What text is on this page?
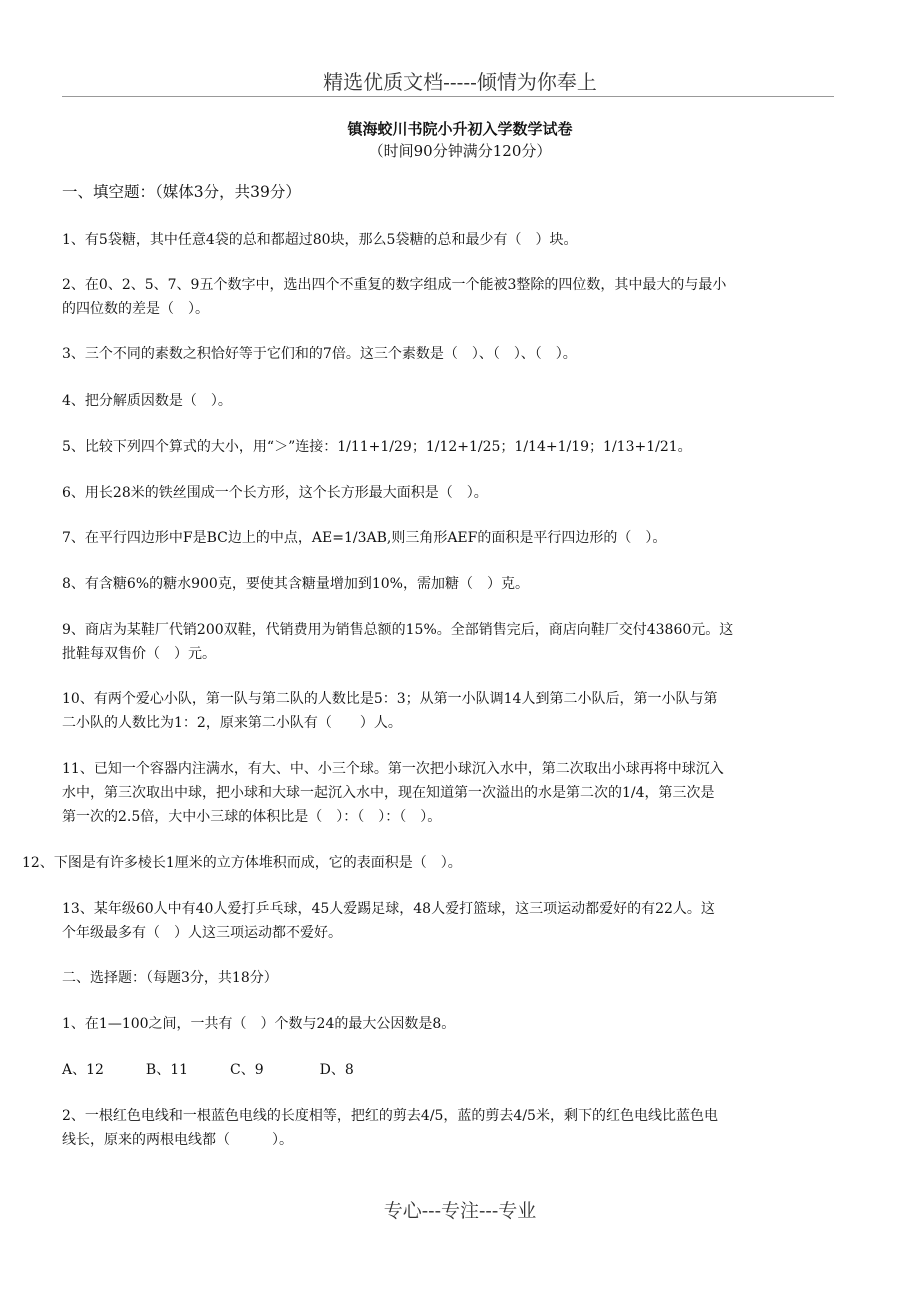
精选优质文档-----倾情为你奉上
镇海蛟川书院小升初入学数学试卷
（时间90分钟满分120分）
一、填空题：（媒体3分，共39分）
1、有5袋糖，其中任意4袋的总和都超过80块，那么5袋糖的总和最少有（　）块。
2、在0、2、5、7、9五个数字中，选出四个不重复的数字组成一个能被3整除的四位数，其中最大的与最小
的四位数的差是（　）。
3、三个不同的素数之积恰好等于它们和的7倍。这三个素数是（　）、（　）、（　）。
4、把分解质因数是（　）。
5、比较下列四个算式的大小，用“＞”连接：1/11+1/29；1/12+1/25；1/14+1/19；1/13+1/21。
6、用长28米的铁丝围成一个长方形，这个长方形最大面积是（　）。
7、在平行四边形中F是BC边上的中点，AE=1/3AB,则三角形AEF的面积是平行四边形的（　）。
8、有含糖6%的糖水900克，要使其含糖量增加到10%，需加糖（　）克。
9、商店为某鞋厂代销200双鞋，代销费用为销售总额的15%。全部销售完后，商店向鞋厂交付43860元。这
批鞋每双售价（　）元。
10、有两个爱心小队，第一队与第二队的人数比是5：3；从第一小队调14人到第二小队后，第一小队与第
二小队的人数比为1：2，原来第二小队有（　　）人。
11、已知一个容器内注满水，有大、中、小三个球。第一次把小球沉入水中，第二次取出小球再将中球沉入
水中，第三次取出中球，把小球和大球一起沉入水中，现在知道第一次溢出的水是第二次的1/4，第三次是
第一次的2.5倍，大中小三球的体积比是（　）：（　）：（　）。
12、下图是有许多棱长1厘米的立方体堆积而成，它的表面积是（　）。
13、某年级60人中有40人爱打乒乓球，45人爱踢足球，48人爱打篮球，这三项运动都爱好的有22人。这
个年级最多有（　）人这三项运动都不爱好。
二、选择题：（每题3分，共18分）
1、在1—100之间，一共有（　）个数与24的最大公因数是8。
A、12　　　B、11　　　C、9　　　　D、8
2、一根红色电线和一根蓝色电线的长度相等，把红的剪去4/5，蓝的剪去4/5米，剩下的红色电线比蓝色电
线长，原来的两根电线都（　　　）。
专心---专注---专业
